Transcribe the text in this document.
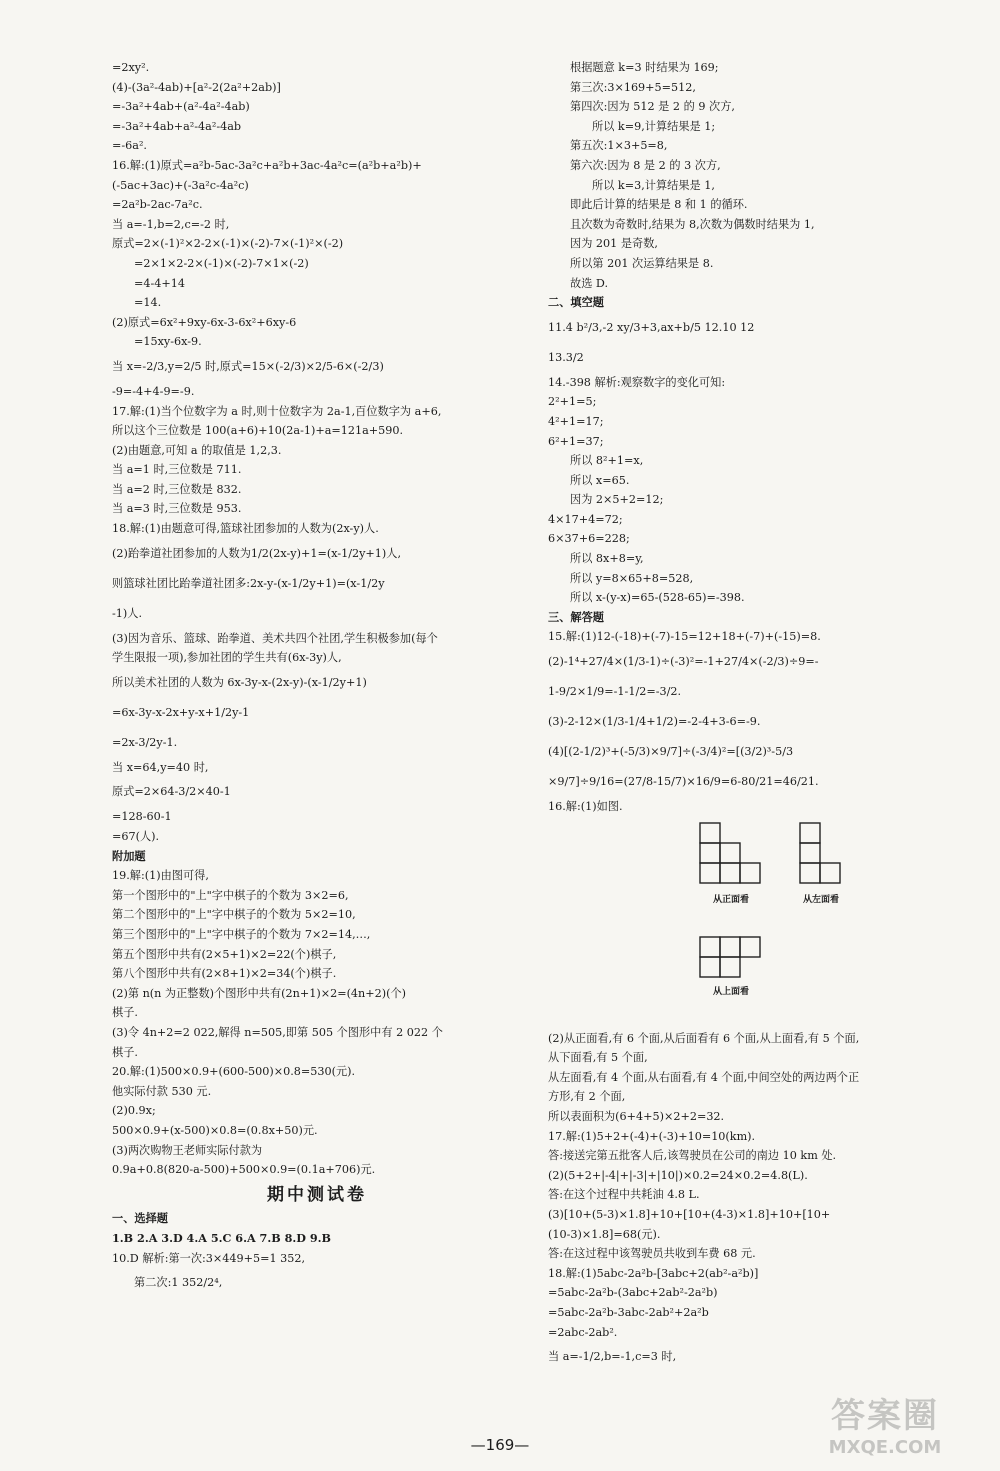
=2xy².
(4)-(3a²-4ab)+[a²-2(2a²+2ab)]
=-3a²+4ab+(a²-4a²-4ab)
=-3a²+4ab+a²-4a²-4ab
=-6a².
16.解:(1)原式=a²b-5ac-3a²c+a²b+3ac-4a²c=(a²b+a²b)+
(-5ac+3ac)+(-3a²c-4a²c)
=2a²b-2ac-7a²c.
当 a=-1,b=2,c=-2 时,
原式=2×(-1)²×2-2×(-1)×(-2)-7×(-1)²×(-2)
=2×1×2-2×(-1)×(-2)-7×1×(-2)
=4-4+14
=14.
(2)原式=6x²+9xy-6x-3-6x²+6xy-6
=15xy-6x-9.
当 x=-2/3,y=2/5 时,原式=15×(-2/3)×2/5-6×(-2/3)
-9=-4+4-9=-9.
17.解:(1)当个位数字为 a 时,则十位数字为 2a-1,百位数字为 a+6,
所以这个三位数是 100(a+6)+10(2a-1)+a=121a+590.
(2)由题意,可知 a 的取值是 1,2,3.
当 a=1 时,三位数是 711.
当 a=2 时,三位数是 832.
当 a=3 时,三位数是 953.
18.解:(1)由题意可得,篮球社团参加的人数为(2x-y)人.
(2)跆拳道社团参加的人数为1/2(2x-y)+1=(x-1/2y+1)人,
则篮球社团比跆拳道社团多:2x-y-(x-1/2y+1)=(x-1/2y
-1)人.
(3)因为音乐、篮球、跆拳道、美术共四个社团,学生积极参加(每个
学生限报一项),参加社团的学生共有(6x-3y)人,
所以美术社团的人数为 6x-3y-x-(2x-y)-(x-1/2y+1)
=6x-3y-x-2x+y-x+1/2y-1
=2x-3/2y-1.
当 x=64,y=40 时,
原式=2×64-3/2×40-1
=128-60-1
=67(人).
附加题
19.解:(1)由图可得,
第一个图形中的"上"字中棋子的个数为 3×2=6,
第二个图形中的"上"字中棋子的个数为 5×2=10,
第三个图形中的"上"字中棋子的个数为 7×2=14,…,
第五个图形中共有(2×5+1)×2=22(个)棋子,
第八个图形中共有(2×8+1)×2=34(个)棋子.
(2)第 n(n 为正整数)个图形中共有(2n+1)×2=(4n+2)(个)
棋子.
(3)令 4n+2=2 022,解得 n=505,即第 505 个图形中有 2 022 个
棋子.
20.解:(1)500×0.9+(600-500)×0.8=530(元).
他实际付款 530 元.
(2)0.9x;
500×0.9+(x-500)×0.8=(0.8x+50)元.
(3)两次购物王老师实际付款为
0.9a+0.8(820-a-500)+500×0.9=(0.1a+706)元.
期中测试卷
一、选择题
1.B 2.A 3.D 4.A 5.C 6.A 7.B 8.D 9.B
10.D 解析:第一次:3×449+5=1 352,
第二次:1 352/2⁴,
根据题意 k=3 时结果为 169;
第三次:3×169+5=512,
第四次:因为 512 是 2 的 9 次方,
所以 k=9,计算结果是 1;
第五次:1×3+5=8,
第六次:因为 8 是 2 的 3 次方,
所以 k=3,计算结果是 1,
即此后计算的结果是 8 和 1 的循环.
且次数为奇数时,结果为 8,次数为偶数时结果为 1,
因为 201 是奇数,
所以第 201 次运算结果是 8.
故选 D.
二、填空题
11.4 b²/3,-2 xy/3+3,ax+b/5 12.10 12
13.3/2
14.-398 解析:观察数字的变化可知:
2²+1=5;
4²+1=17;
6²+1=37;
所以 8²+1=x,
所以 x=65.
因为 2×5+2=12;
4×17+4=72;
6×37+6=228;
所以 8x+8=y,
所以 y=8×65+8=528,
所以 x-(y-x)=65-(528-65)=-398.
三、解答题
15.解:(1)12-(-18)+(-7)-15=12+18+(-7)+(-15)=8.
(2)-1⁴+27/4×(1/3-1)÷(-3)²=-1+27/4×(-2/3)÷9=-
1-9/2×1/9=-1-1/2=-3/2.
(3)-2-12×(1/3-1/4+1/2)=-2-4+3-6=-9.
(4)[(2-1/2)³+(-5/3)×9/7]÷(-3/4)²=[(3/2)³-5/3
×9/7]÷9/16=(27/8-15/7)×16/9=6-80/21=46/21.
16.解:(1)如图.
从正面看	从左面看
从上面看
(2)从正面看,有 6 个面,从后面看有 6 个面,从上面看,有 5 个面,
从下面看,有 5 个面,
从左面看,有 4 个面,从右面看,有 4 个面,中间空处的两边两个正
方形,有 2 个面,
所以表面积为(6+4+5)×2+2=32.
17.解:(1)5+2+(-4)+(-3)+10=10(km).
答:接送完第五批客人后,该驾驶员在公司的南边 10 km 处.
(2)(5+2+|-4|+|-3|+|10|)×0.2=24×0.2=4.8(L).
答:在这个过程中共耗油 4.8 L.
(3)[10+(5-3)×1.8]+10+[10+(4-3)×1.8]+10+[10+
(10-3)×1.8]=68(元).
答:在这过程中该驾驶员共收到车费 68 元.
18.解:(1)5abc-2a²b-[3abc+2(ab²-a²b)]
=5abc-2a²b-(3abc+2ab²-2a²b)
=5abc-2a²b-3abc-2ab²+2a²b
=2abc-2ab².
当 a=-1/2,b=-1,c=3 时,
—169—
答案圈
MXQE.COM
